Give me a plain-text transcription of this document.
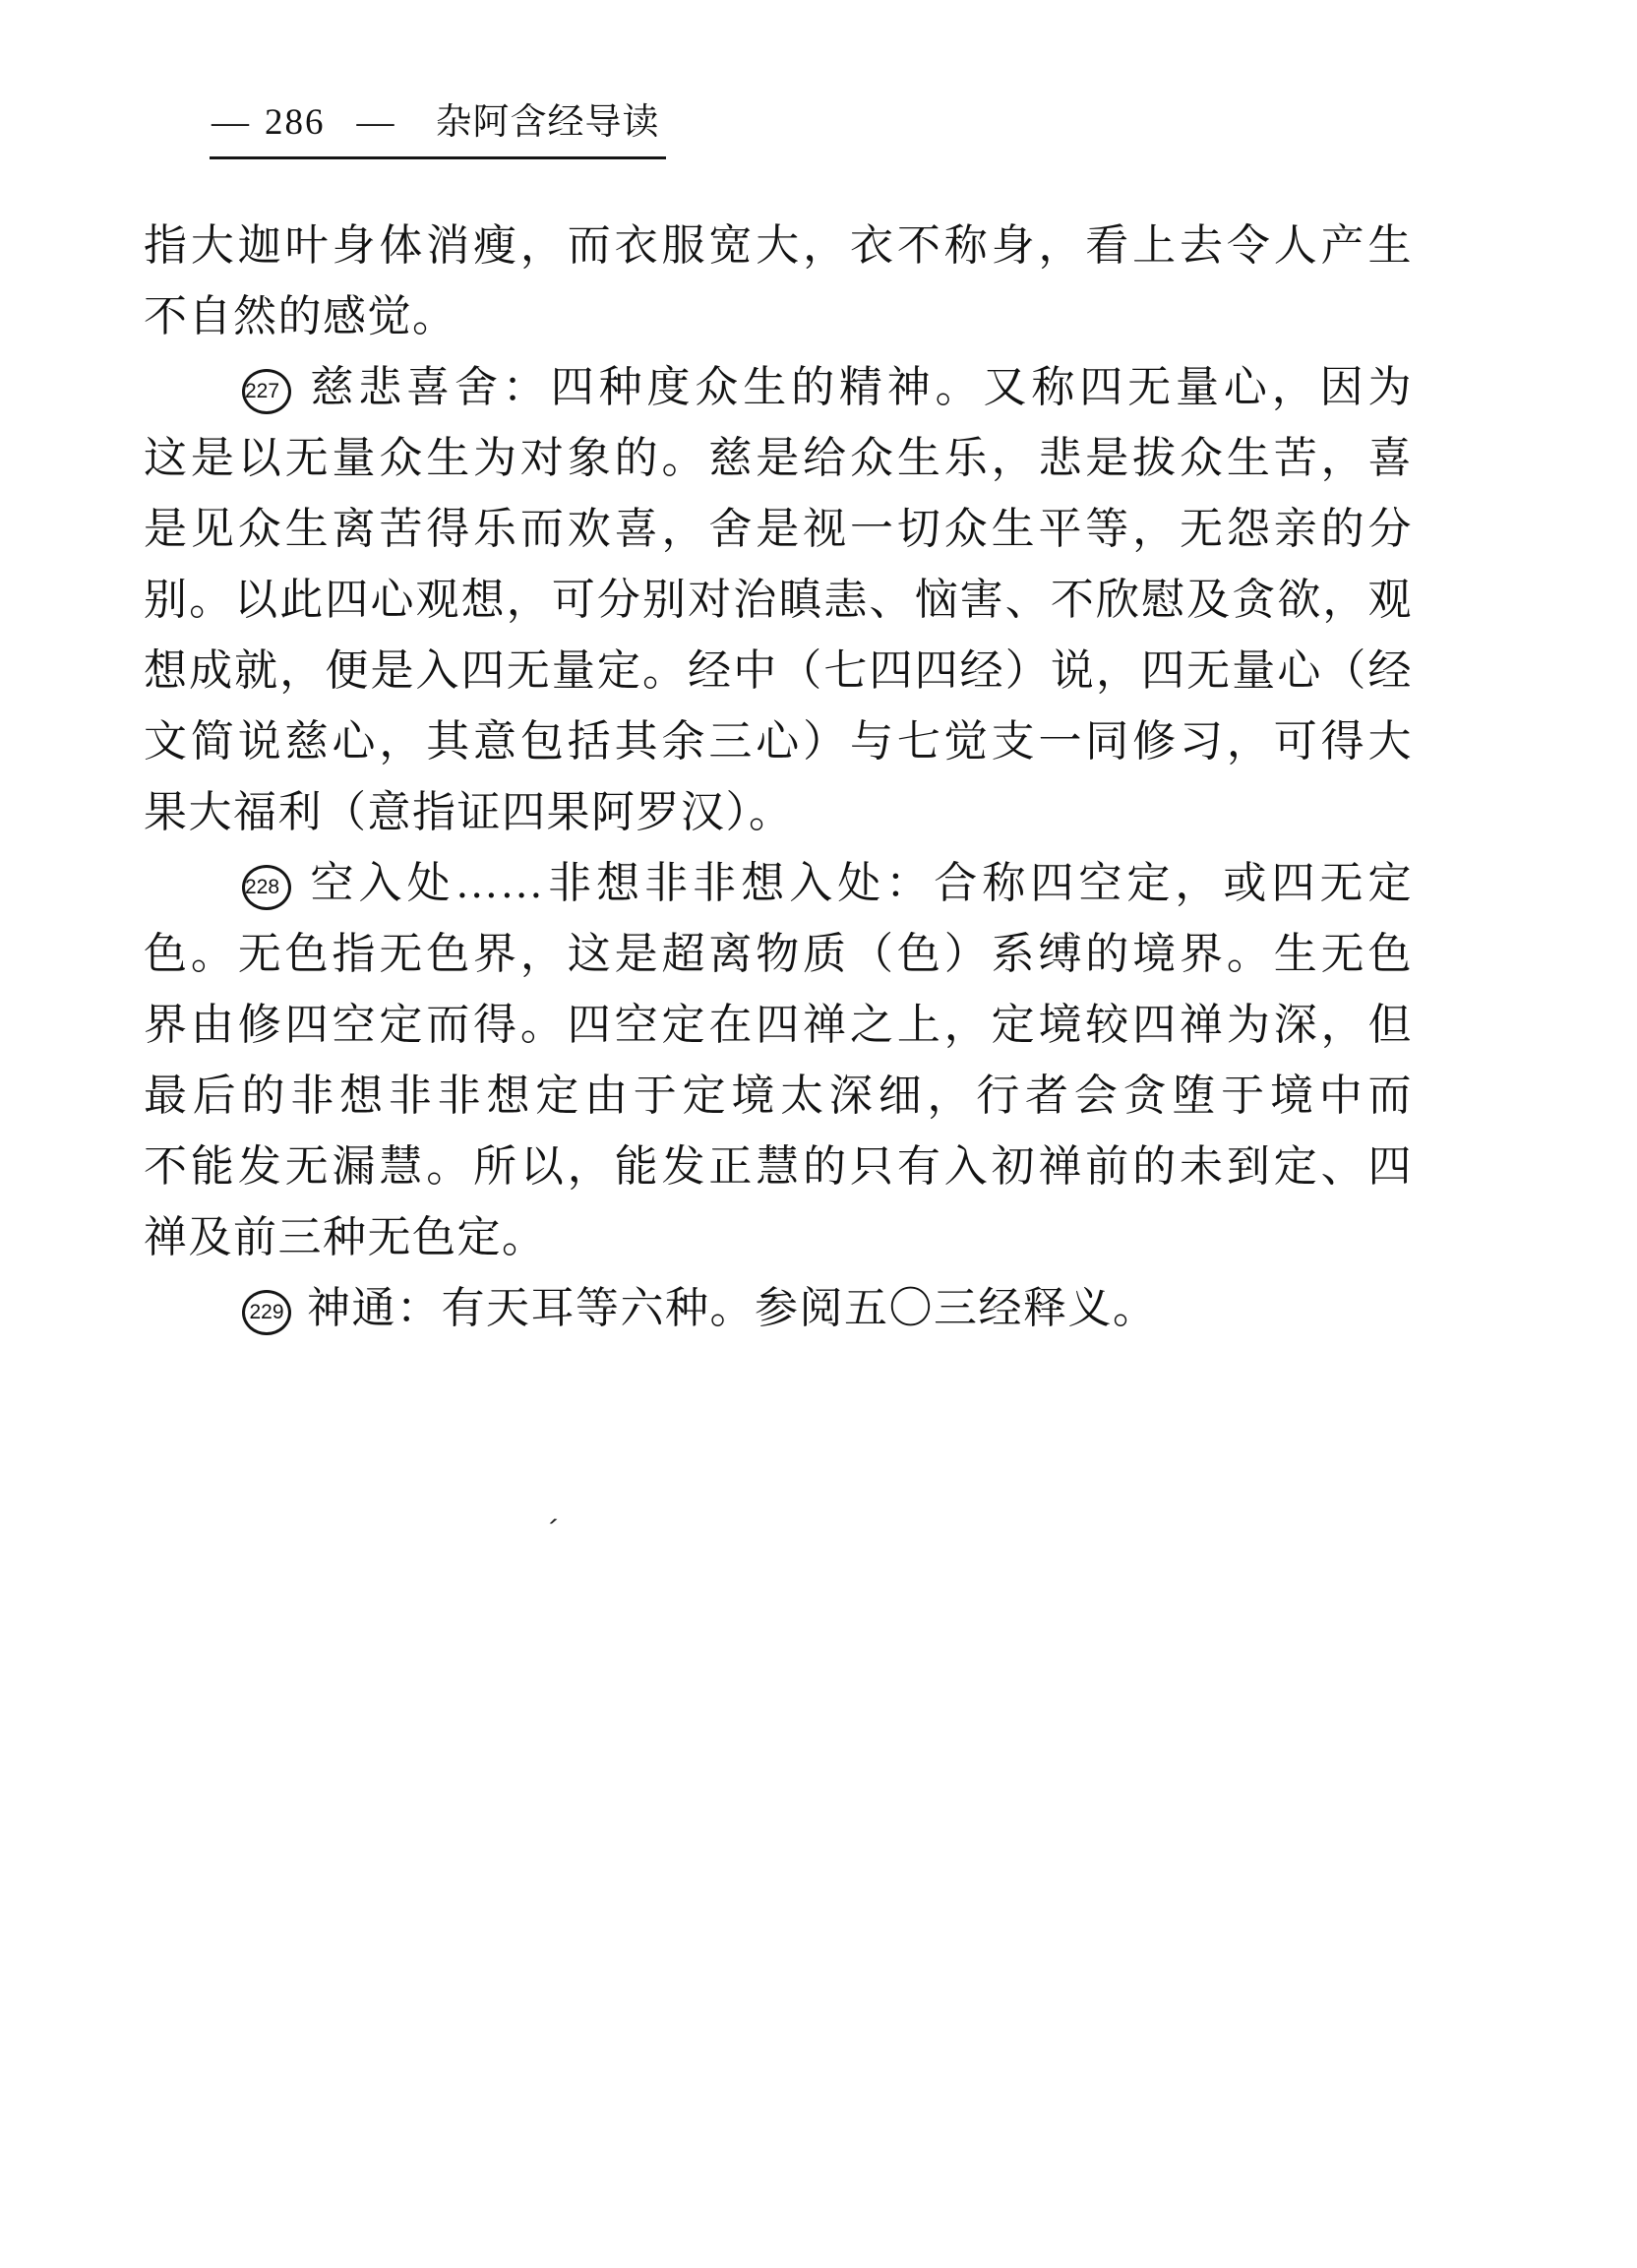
— 286 — 杂阿含经导读
指大迦叶身体消瘦，而衣服宽大，衣不称身，看上去令人产生
不自然的感觉。
227 慈悲喜舍：四种度众生的精神。又称四无量心，因为
这是以无量众生为对象的。慈是给众生乐，悲是拔众生苦，喜
是见众生离苦得乐而欢喜，舍是视一切众生平等，无怨亲的分
别。以此四心观想，可分别对治瞋恚、恼害、不欣慰及贪欲，观
想成就，便是入四无量定。经中（七四四经）说，四无量心（经
文简说慈心，其意包括其余三心）与七觉支一同修习，可得大
果大福利（意指证四果阿罗汉）。
228 空入处……非想非非想入处：合称四空定，或四无定
色。无色指无色界，这是超离物质（色）系缚的境界。生无色
界由修四空定而得。四空定在四禅之上，定境较四禅为深，但
最后的非想非非想定由于定境太深细，行者会贪堕于境中而
不能发无漏慧。所以，能发正慧的只有入初禅前的未到定、四
禅及前三种无色定。
229 神通：有天耳等六种。参阅五〇三经释义。
ˊ
